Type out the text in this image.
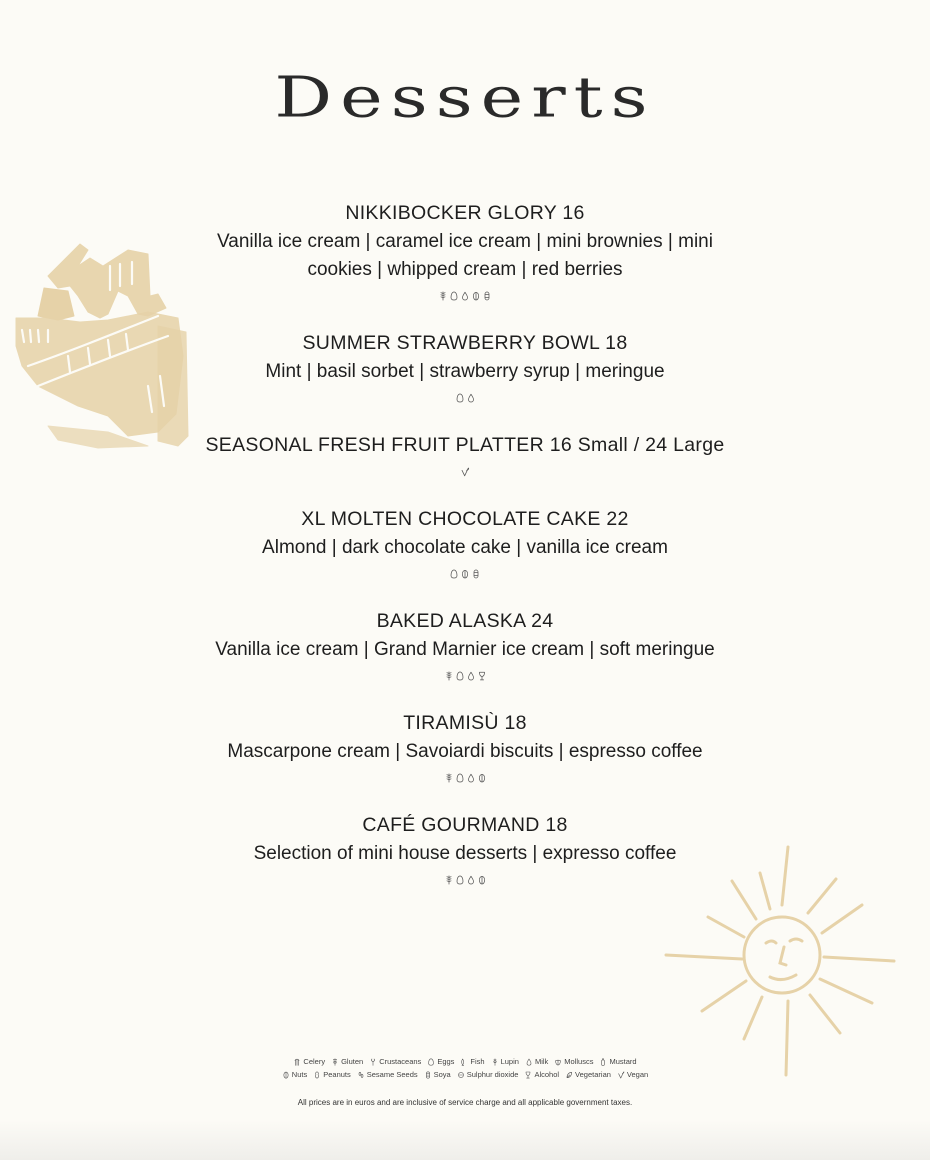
Desserts
NIKKIBOCKER GLORY 16
Vanilla ice cream | caramel ice cream | mini brownies | mini cookies | whipped cream | red berries
SUMMER STRAWBERRY BOWL 18
Mint | basil sorbet | strawberry syrup | meringue
SEASONAL FRESH FRUIT PLATTER 16 Small / 24 Large
XL MOLTEN CHOCOLATE CAKE 22
Almond | dark chocolate cake | vanilla ice cream
BAKED ALASKA 24
Vanilla ice cream | Grand Marnier ice cream | soft meringue
TIRAMISÙ 18
Mascarpone cream | Savoiardi biscuits | espresso coffee
CAFÉ GOURMAND 18
Selection of mini house desserts | expresso coffee
Celery Gluten Crustaceans Eggs Fish Lupin Milk Molluscs Mustard
Nuts Peanuts Sesame Seeds Soya Sulphur dioxide Alcohol Vegetarian Vegan
All prices are in euros and are inclusive of service charge and all applicable government taxes.
